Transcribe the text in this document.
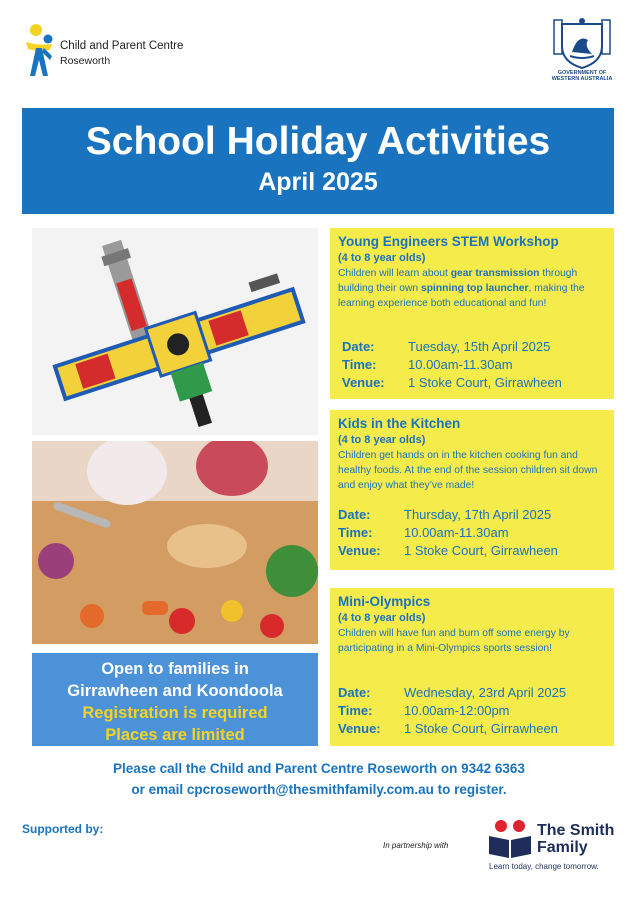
Child and Parent Centre
Roseworth
GOVERNMENT OF
WESTERN AUSTRALIA
School Holiday Activities
April 2025
Young Engineers STEM Workshop
(4 to 8 year olds)
Children will learn about gear transmission through building their own spinning top launcher, making the learning experience both educational and fun!
Date:	Tuesday, 15th April 2025
Time:	10.00am-11.30am
Venue:	1 Stoke Court, Girrawheen
Kids in the Kitchen
(4 to 8 year olds)
Children get hands on in the kitchen cooking fun and healthy foods. At the end of the session children sit down and enjoy what they’ve made!
Date:	Thursday, 17th April 2025
Time:	10.00am-11.30am
Venue:	1 Stoke Court, Girrawheen
Mini-Olympics
(4 to 8 year olds)
Children will have fun and burn off some energy by participating in a Mini-Olympics sports session!
Date:	Wednesday, 23rd April 2025
Time:	10.00am-12:00pm
Venue:	1 Stoke Court, Girrawheen
Open to families in
Girrawheen and Koondoola
Registration is required
Places are limited
Please call the Child and Parent Centre Roseworth on 9342 6363
or email cpcroseworth@thesmithfamily.com.au to register.
Supported by:
In partnership with
The Smith
Family
Learn today, change tomorrow.
